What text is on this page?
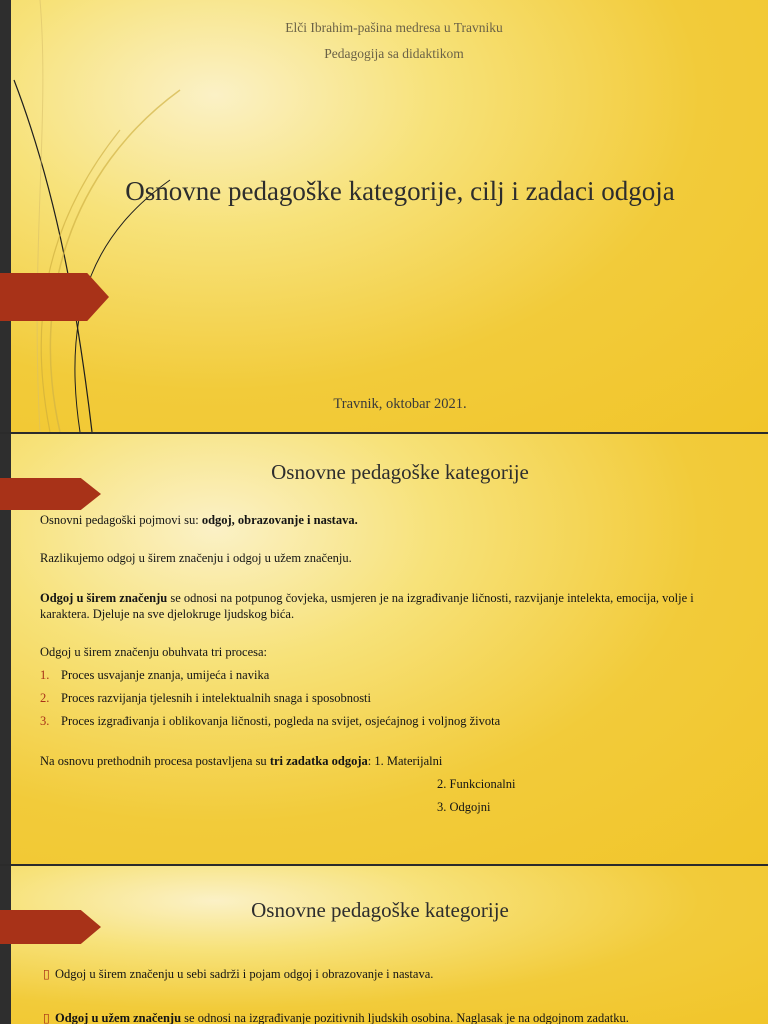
Elči Ibrahim-pašina medresa u Travniku
Pedagogija sa didaktikom
Osnovne pedagoške kategorije, cilj i zadaci odgoja
Travnik, oktobar 2021.
Osnovne pedagoške kategorije

Osnovni pedagoški pojmovi su: odgoj, obrazovanje i nastava.

Razlikujemo odgoj u širem značenju i odgoj u užem značenju.

Odgoj u širem značenju se odnosi na potpunog čovjeka, usmjeren je na izgrađivanje ličnosti, razvijanje intelekta, emocija, volje i karaktera. Djeluje na sve djelokruge ljudskog bića.

Odgoj u širem značenju obuhvata tri procesa:

1. Proces usvajanje znanja, umijeća i navika

2. Proces razvijanja tjelesnih i intelektualnih snaga i sposobnosti

3. Proces izgrađivanja i oblikovanja ličnosti, pogleda na svijet, osjećajnog i voljnog života

Na osnovu prethodnih procesa postavljena su tri zadatka odgoja: 1. Materijalni

2. Funkcionalni

3. Odgojni

Osnovne pedagoške kategorije

▯ Odgoj u širem značenju u sebi sadrži i pojam odgoj i obrazovanje i nastava.

▯ Odgoj u užem značenju se odnosi na izgrađivanje pozitivnih ljudskih osobina. Naglasak je na odgojnom zadatku.
